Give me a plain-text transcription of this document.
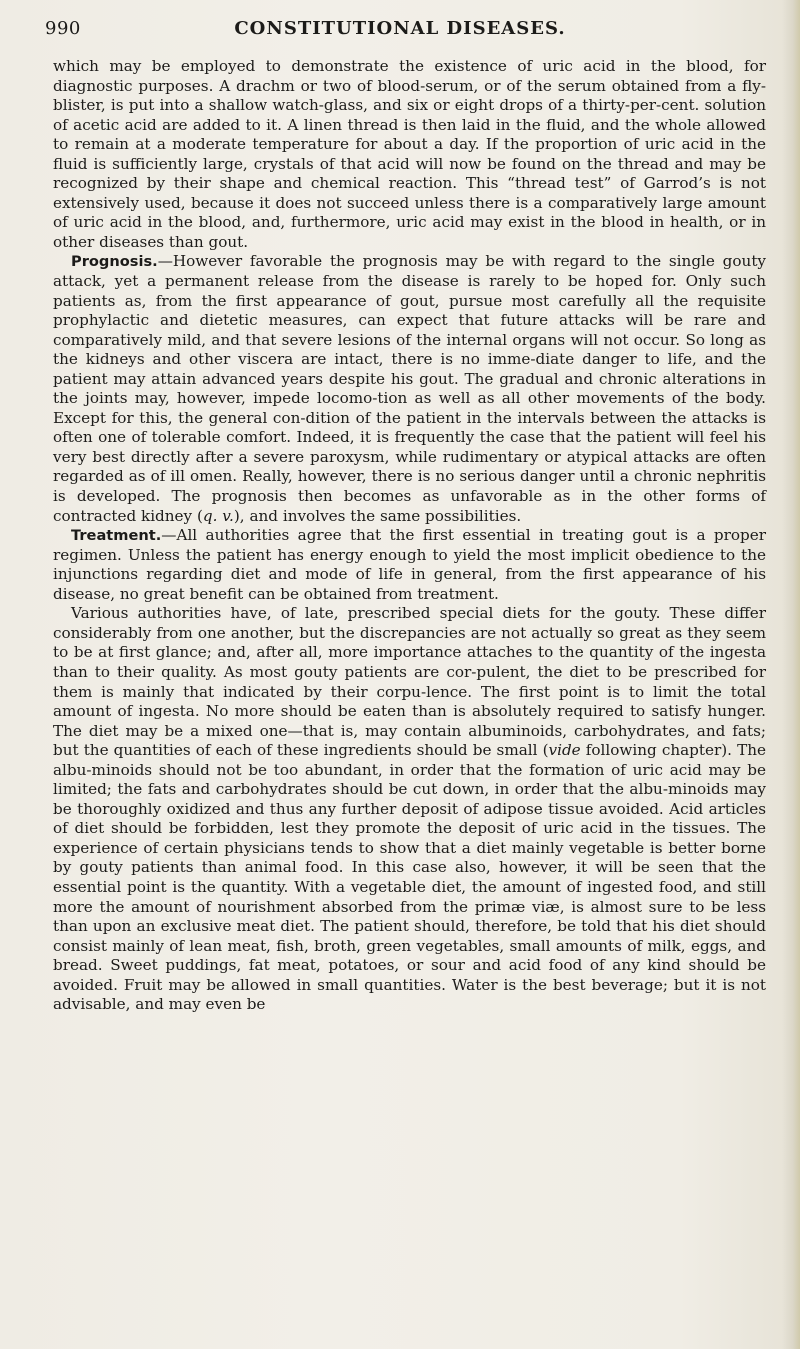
990	CONSTITUTIONAL DISEASES.

which may be employed to demonstrate the existence of uric acid in the blood, for diagnostic purposes. A drachm or two of blood-serum, or of the serum obtained from a fly-blister, is put into a shallow watch-glass, and six or eight drops of a thirty-per-cent. solution of acetic acid are added to it. A linen thread is then laid in the fluid, and the whole allowed to remain at a moderate temperature for about a day. If the proportion of uric acid in the fluid is sufficiently large, crystals of that acid will now be found on the thread and may be recognized by their shape and chemical reaction. This “thread test” of Garrod’s is not extensively used, because it does not succeed unless there is a comparatively large amount of uric acid in the blood, and, furthermore, uric acid may exist in the blood in health, or in other diseases than gout.

Prognosis.—However favorable the prognosis may be with regard to the single gouty attack, yet a permanent release from the disease is rarely to be hoped for. Only such patients as, from the first appearance of gout, pursue most carefully all the requisite prophylactic and dietetic measures, can expect that future attacks will be rare and comparatively mild, and that severe lesions of the internal organs will not occur. So long as the kidneys and other viscera are intact, there is no imme-diate danger to life, and the patient may attain advanced years despite his gout. The gradual and chronic alterations in the joints may, however, impede locomo-tion as well as all other movements of the body. Except for this, the general con-dition of the patient in the intervals between the attacks is often one of tolerable comfort. Indeed, it is frequently the case that the patient will feel his very best directly after a severe paroxysm, while rudimentary or atypical attacks are often regarded as of ill omen. Really, however, there is no serious danger until a chronic nephritis is developed. The prognosis then becomes as unfavorable as in the other forms of contracted kidney (q. v.), and involves the same possibilities.

Treatment.—All authorities agree that the first essential in treating gout is a proper regimen. Unless the patient has energy enough to yield the most implicit obedience to the injunctions regarding diet and mode of life in general, from the first appearance of his disease, no great benefit can be obtained from treatment.

Various authorities have, of late, prescribed special diets for the gouty. These differ considerably from one another, but the discrepancies are not actually so great as they seem to be at first glance; and, after all, more importance attaches to the quantity of the ingesta than to their quality. As most gouty patients are cor-pulent, the diet to be prescribed for them is mainly that indicated by their corpu-lence. The first point is to limit the total amount of ingesta. No more should be eaten than is absolutely required to satisfy hunger. The diet may be a mixed one—that is, may contain albuminoids, carbohydrates, and fats; but the quantities of each of these ingredients should be small (vide following chapter). The albu-minoids should not be too abundant, in order that the formation of uric acid may be limited; the fats and carbohydrates should be cut down, in order that the albu-minoids may be thoroughly oxidized and thus any further deposit of adipose tissue avoided. Acid articles of diet should be forbidden, lest they promote the deposit of uric acid in the tissues. The experience of certain physicians tends to show that a diet mainly vegetable is better borne by gouty patients than animal food. In this case also, however, it will be seen that the essential point is the quantity. With a vegetable diet, the amount of ingested food, and still more the amount of nourishment absorbed from the primæ viæ, is almost sure to be less than upon an exclusive meat diet. The patient should, therefore, be told that his diet should consist mainly of lean meat, fish, broth, green vegetables, small amounts of milk, eggs, and bread. Sweet puddings, fat meat, potatoes, or sour and acid food of any kind should be avoided. Fruit may be allowed in small quantities. Water is the best beverage; but it is not advisable, and may even be
